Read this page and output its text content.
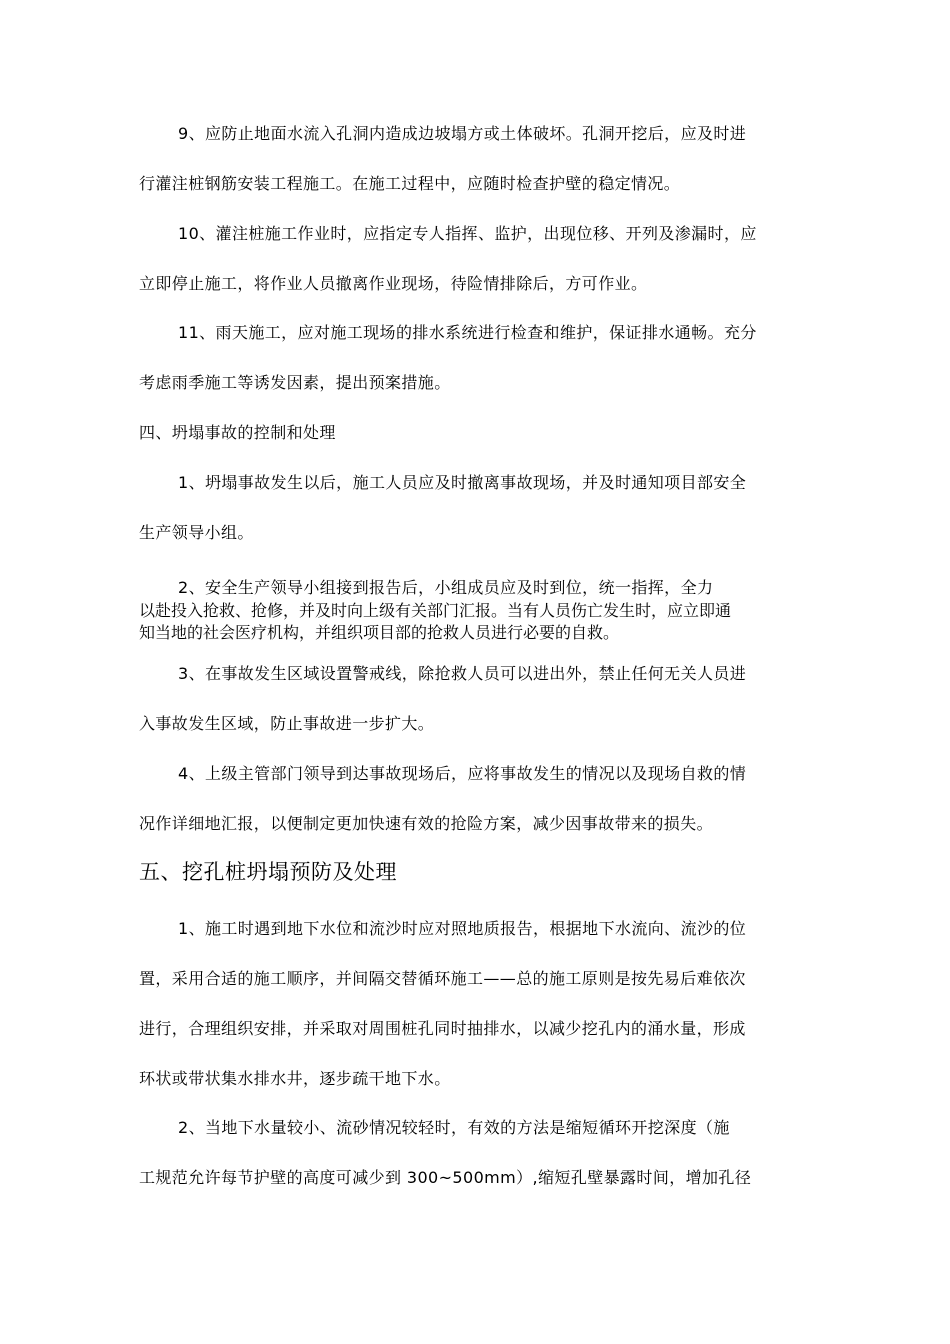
9、应防止地面水流入孔洞内造成边坡塌方或土体破坏。孔洞开挖后，应及时进
行灌注桩钢筋安装工程施工。在施工过程中，应随时检查护壁的稳定情况。
10、灌注桩施工作业时，应指定专人指挥、监护，出现位移、开列及渗漏时，应
立即停止施工，将作业人员撤离作业现场，待险情排除后，方可作业。
11、雨天施工，应对施工现场的排水系统进行检查和维护，保证排水通畅。充分
考虑雨季施工等诱发因素，提出预案措施。
四、坍塌事故的控制和处理
1、坍塌事故发生以后，施工人员应及时撤离事故现场，并及时通知项目部安全
生产领导小组。
2、安全生产领导小组接到报告后，小组成员应及时到位，统一指挥，全力
以赴投入抢救、抢修，并及时向上级有关部门汇报。当有人员伤亡发生时，应立即通
知当地的社会医疗机构，并组织项目部的抢救人员进行必要的自救。
3、在事故发生区域设置警戒线，除抢救人员可以进出外，禁止任何无关人员进
入事故发生区域，防止事故进一步扩大。
4、上级主管部门领导到达事故现场后，应将事故发生的情况以及现场自救的情
况作详细地汇报，以便制定更加快速有效的抢险方案，减少因事故带来的损失。
五、挖孔桩坍塌预防及处理
1、施工时遇到地下水位和流沙时应对照地质报告，根据地下水流向、流沙的位
置，采用合适的施工顺序，并间隔交替循环施工——总的施工原则是按先易后难依次
进行，合理组织安排，并采取对周围桩孔同时抽排水，以减少挖孔内的涌水量，形成
环状或带状集水排水井，逐步疏干地下水。
2、当地下水量较小、流砂情况较轻时，有效的方法是缩短循环开挖深度（施
工规范允许每节护壁的高度可减少到 300~500mm）,缩短孔壁暴露时间，增加孔径
